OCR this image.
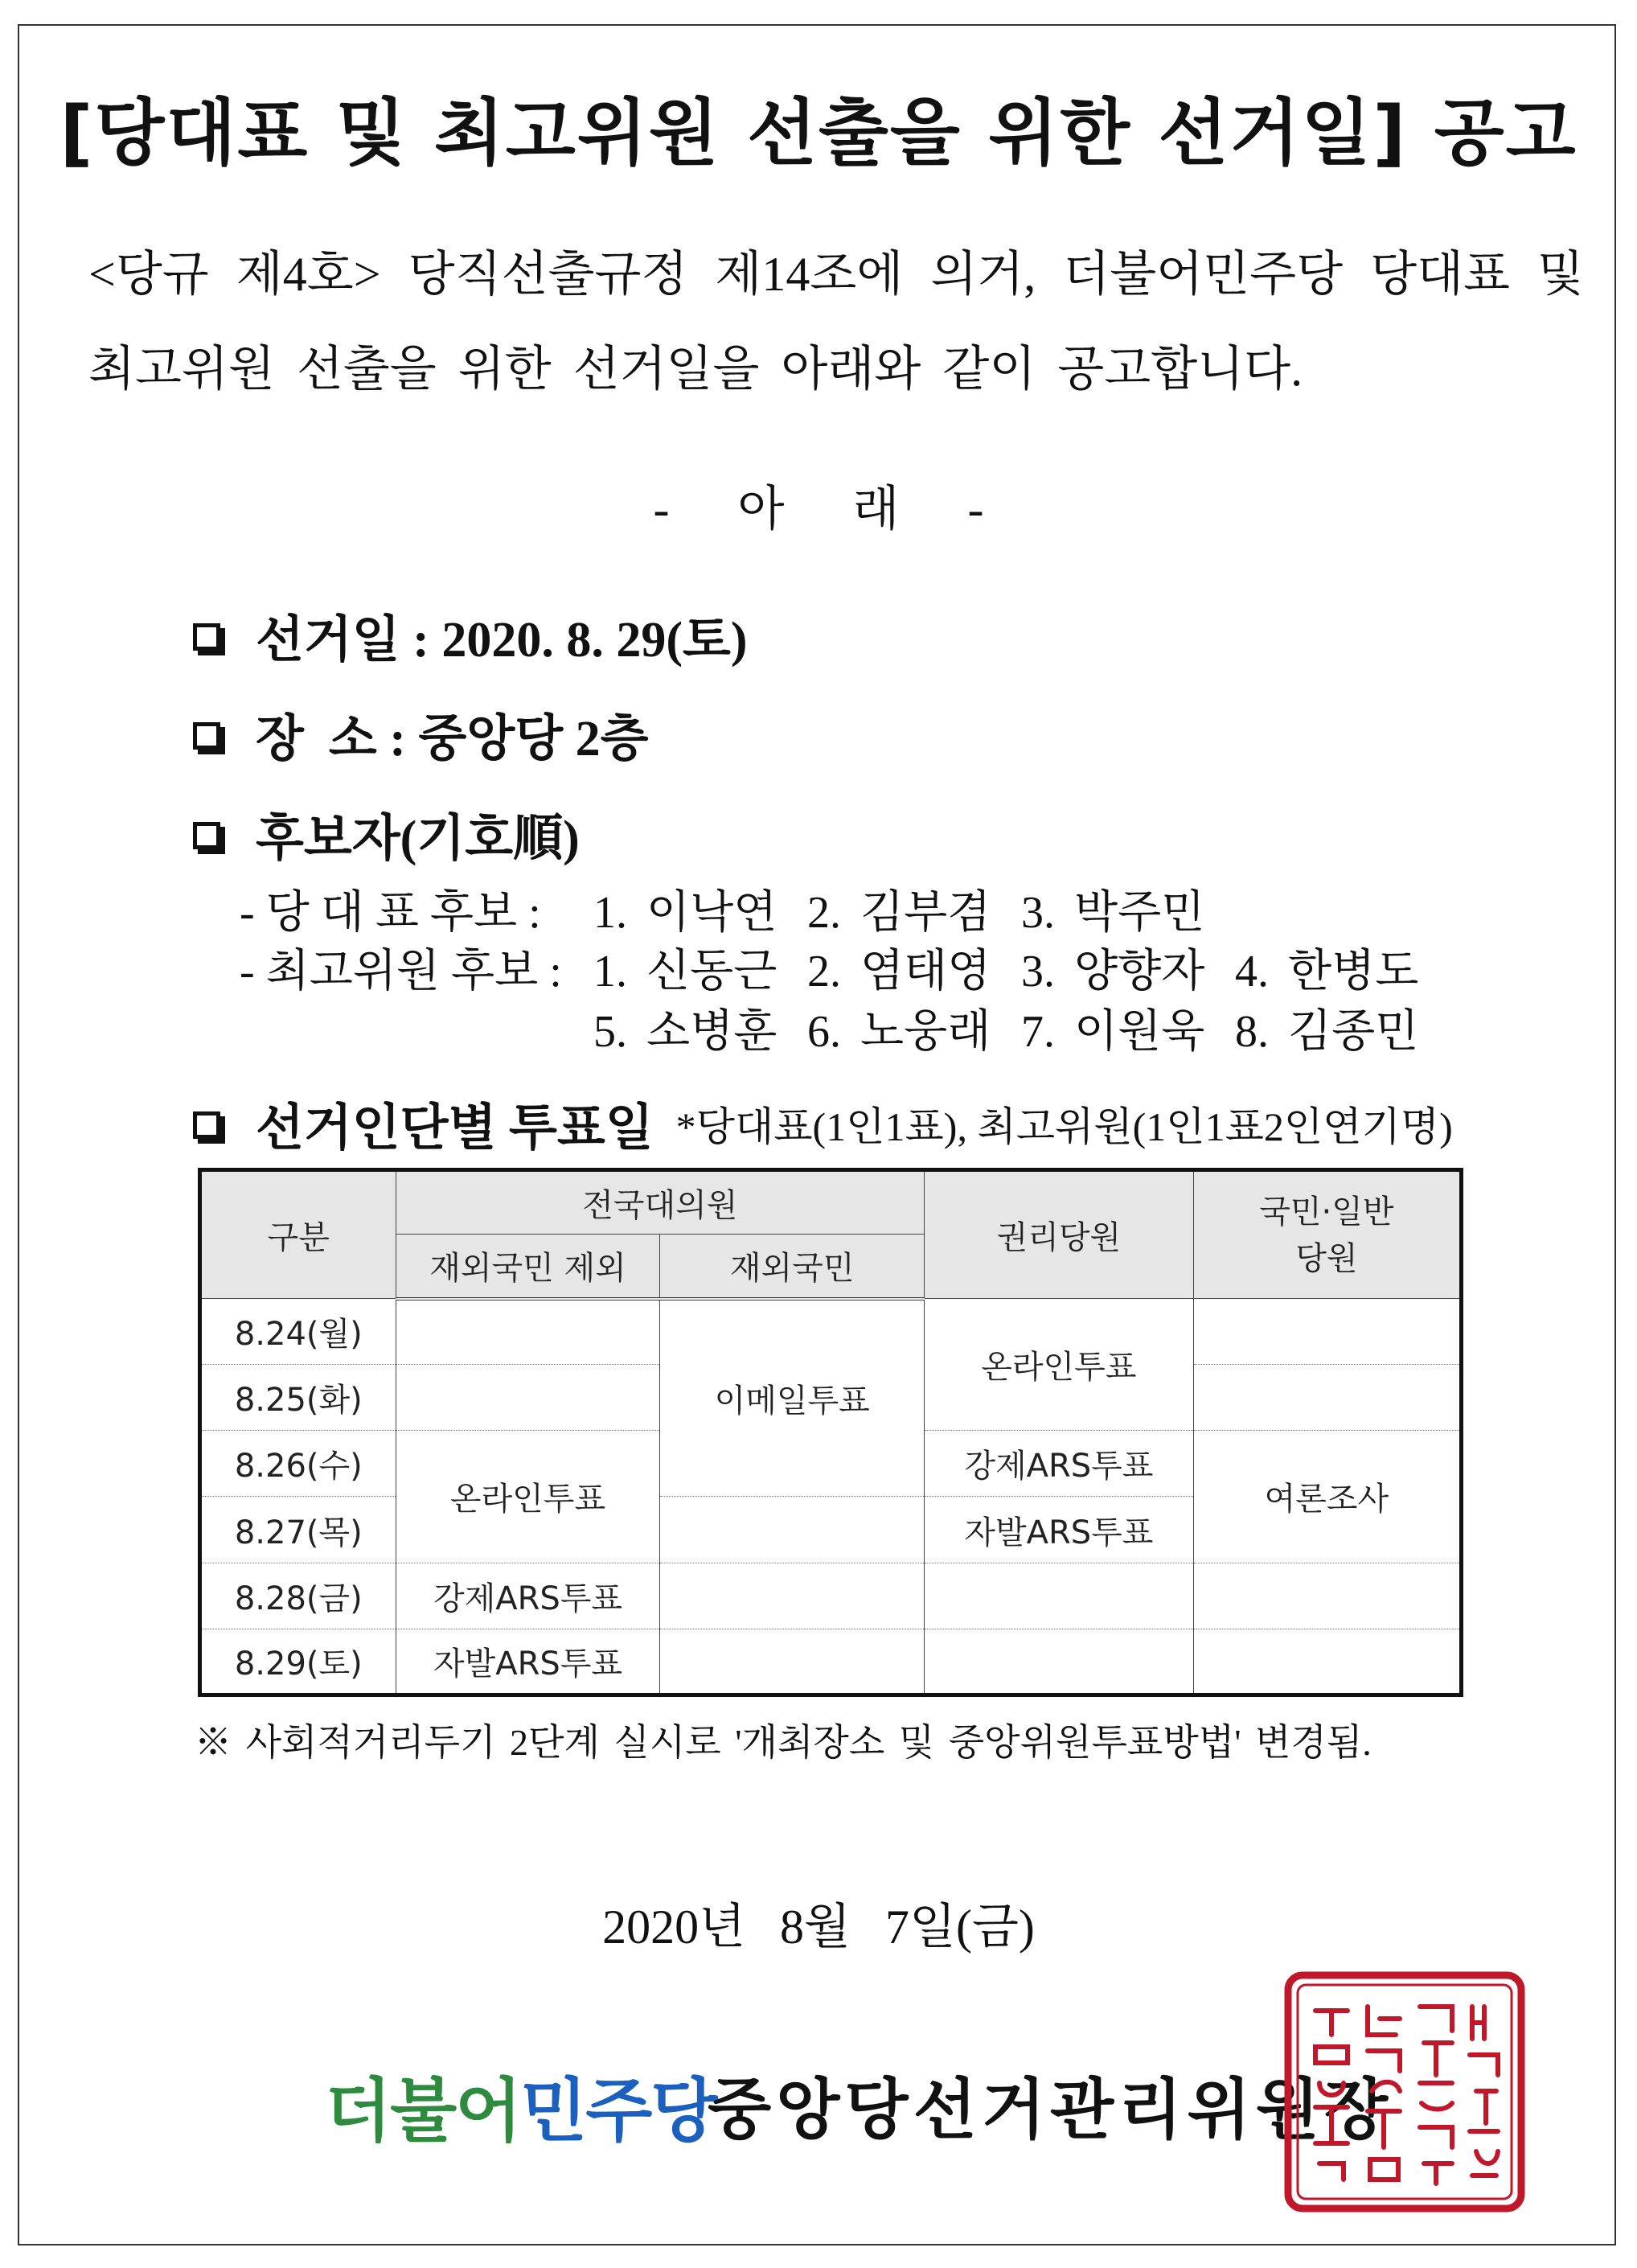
[당대표 및 최고위원 선출을 위한 선거일] 공고
<당규 제4호> 당직선출규정 제14조에 의거, 더불어민주당 당대표 및 최고위원 선출을 위한 선거일을 아래와 같이 공고합니다.
- 아 래 -
선거일 : 2020. 8. 29(토)
장  소 : 중앙당 2층
후보자(기호順)
- 당 대 표 후보 : 1. 이낙연 2. 김부겸 3. 박주민
- 최고위원 후보 : 1. 신동근 2. 염태영 3. 양향자 4. 한병도
5. 소병훈 6. 노웅래 7. 이원욱 8. 김종민
선거인단별 투표일 *당대표(1인1표), 최고위원(1인1표2인연기명)
구분	전국대의원		권리당원	국민·일반당원
	재외국민 제외	재외국민		
8.24(월)		이메일투표	온라인투표	
8.25(화)				
8.26(수)	온라인투표		강제ARS투표	여론조사
8.27(목)			자발ARS투표	
8.28(금)	강제ARS투표			
8.29(토)	자발ARS투표			
※ 사회적거리두기 2단계 실시로 '개최장소 및 중앙위원투표방법' 변경됨.
2020년 8월 7일(금)
더불어민주당
중앙당선거관리위원장
